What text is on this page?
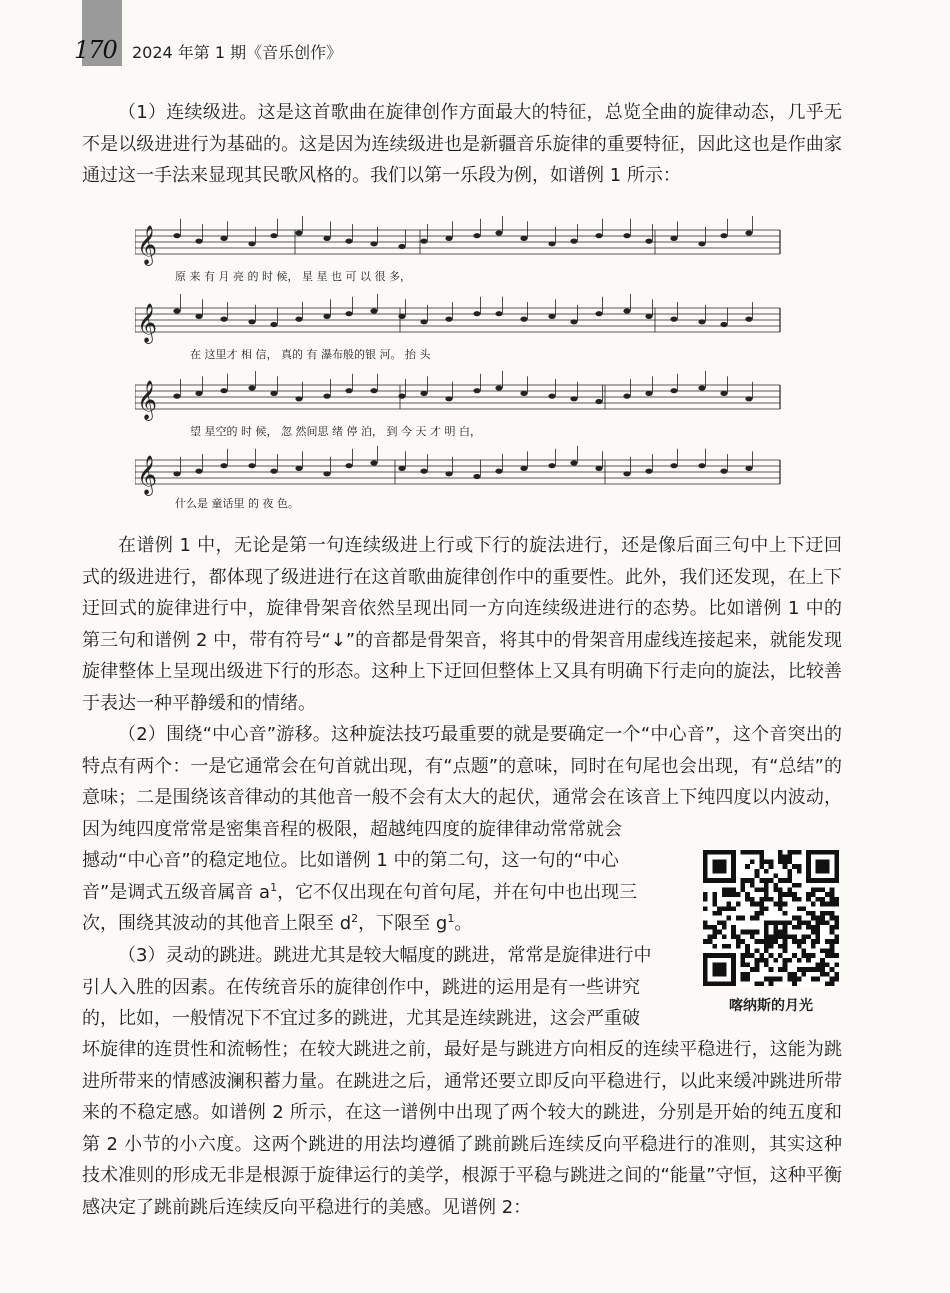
170 2024 年第 1 期《音乐创作》
（1）连续级进。这是这首歌曲在旋律创作方面最大的特征，总览全曲的旋律动态，几乎无不是以级进进行为基础的。这是因为连续级进也是新疆音乐旋律的重要特征，因此这也是作曲家通过这一手法来显现其民歌风格的。我们以第一乐段为例，如谱例 1 所示：
𝄞
𝄞
𝄞
𝄞
原 来 有 月 亮 的 时 候， 星 星 也 可 以 很 多，
在 这里才 相 信， 真的 有 瀑布般的银 河。 抬 头
望 星空的 时 候， 忽 然间思 绪 停 泊， 到 今 天 才 明 白，
什么是 童话里 的 夜 色。
在谱例 1 中，无论是第一句连续级进上行或下行的旋法进行，还是像后面三句中上下迂回式的级进进行，都体现了级进进行在这首歌曲旋律创作中的重要性。此外，我们还发现，在上下迂回式的旋律进行中，旋律骨架音依然呈现出同一方向连续级进进行的态势。比如谱例 1 中的第三句和谱例 2 中，带有符号“↓”的音都是骨架音，将其中的骨架音用虚线连接起来，就能发现旋律整体上呈现出级进下行的形态。这种上下迂回但整体上又具有明确下行走向的旋法，比较善于表达一种平静缓和的情绪。
（2）围绕“中心音”游移。这种旋法技巧最重要的就是要确定一个“中心音”，这个音突出的特点有两个：一是它通常会在句首就出现，有“点题”的意味，同时在句尾也会出现，有“总结”的意味；二是围绕该音律动的其他音一般不会有太大的起伏，通常会在该音上下纯四度以内波动，因为纯四度常常是密集音程的极限，超越纯四度的旋律律动常常就会
撼动“中心音”的稳定地位。比如谱例 1 中的第二句，这一句的“中心
音”是调式五级音属音 $a^1$，它不仅出现在句首句尾，并在句中也出现三
次，围绕其波动的其他音上限至 $d^2$，下限至 $g^1$。
（3）灵动的跳进。跳进尤其是较大幅度的跳进，常常是旋律进行中
引人入胜的因素。在传统音乐的旋律创作中，跳进的运用是有一些讲究
的，比如，一般情况下不宜过多的跳进，尤其是连续跳进，这会严重破
坏旋律的连贯性和流畅性；在较大跳进之前，最好是与跳进方向相反的连续平稳进行，这能为跳进所带来的情感波澜积蓄力量。在跳进之后，通常还要立即反向平稳进行，以此来缓冲跳进所带来的不稳定感。如谱例 2 所示，在这一谱例中出现了两个较大的跳进，分别是开始的纯五度和第 2 小节的小六度。这两个跳进的用法均遵循了跳前跳后连续反向平稳进行的准则，其实这种技术准则的形成无非是根源于旋律运行的美学，根源于平稳与跳进之间的“能量”守恒，这种平衡感决定了跳前跳后连续反向平稳进行的美感。见谱例 2：
喀纳斯的月光
